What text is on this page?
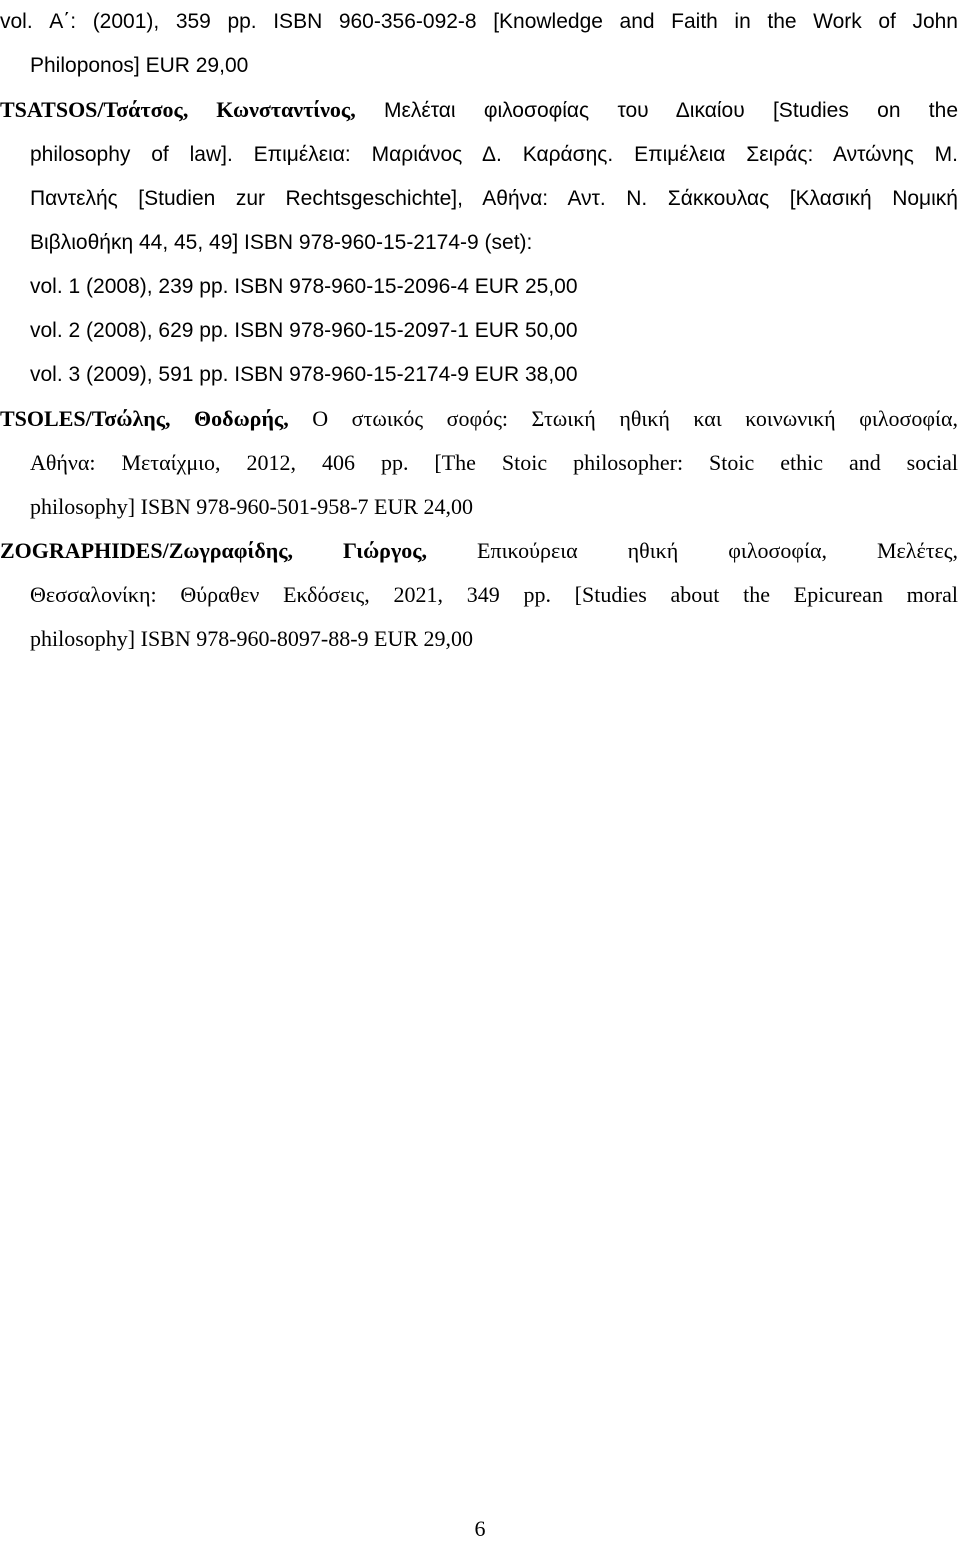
vol. Α΄: (2001), 359 pp. ISBN 960-356-092-8 [Knowledge and Faith in the Work of John
Philoponos] EUR 29,00
TSATSOS/Τσάτσος, Κωνσταντίνος, Μελέται φιλοσοφίας του Δικαίου [Studies on the
philosophy of law]. Επιμέλεια: Μαριάνος Δ. Καράσης. Επιμέλεια Σειράς: Αντώνης Μ.
Παντελής [Studien zur Rechtsgeschichte], Αθήνα: Αντ. Ν. Σάκκουλας [Κλασική Νομική
Βιβλιοθήκη 44, 45, 49] ISBN 978-960-15-2174-9 (set):
vol. 1 (2008), 239 pp. ISBN 978-960-15-2096-4 EUR 25,00
vol. 2 (2008), 629 pp. ISBN 978-960-15-2097-1 EUR 50,00
vol. 3 (2009), 591 pp. ISBN 978-960-15-2174-9 EUR 38,00
TSOLES/Τσώλης, Θοδωρής, Ο στωικός σοφός: Στωική ηθική και κοινωνική φιλοσοφία,
Αθήνα: Μεταίχμιο, 2012, 406 pp. [The Stoic philosopher: Stoic ethic and social
philosophy] ISBN 978-960-501-958-7 EUR 24,00
ZOGRAPHIDES/Ζωγραφίδης, Γιώργος, Επικούρεια ηθική φιλοσοφία, Μελέτες,
Θεσσαλονίκη: Θύραθεν Εκδόσεις, 2021, 349 pp. [Studies about the Epicurean moral
philosophy] ISBN 978-960-8097-88-9 EUR 29,00
6
